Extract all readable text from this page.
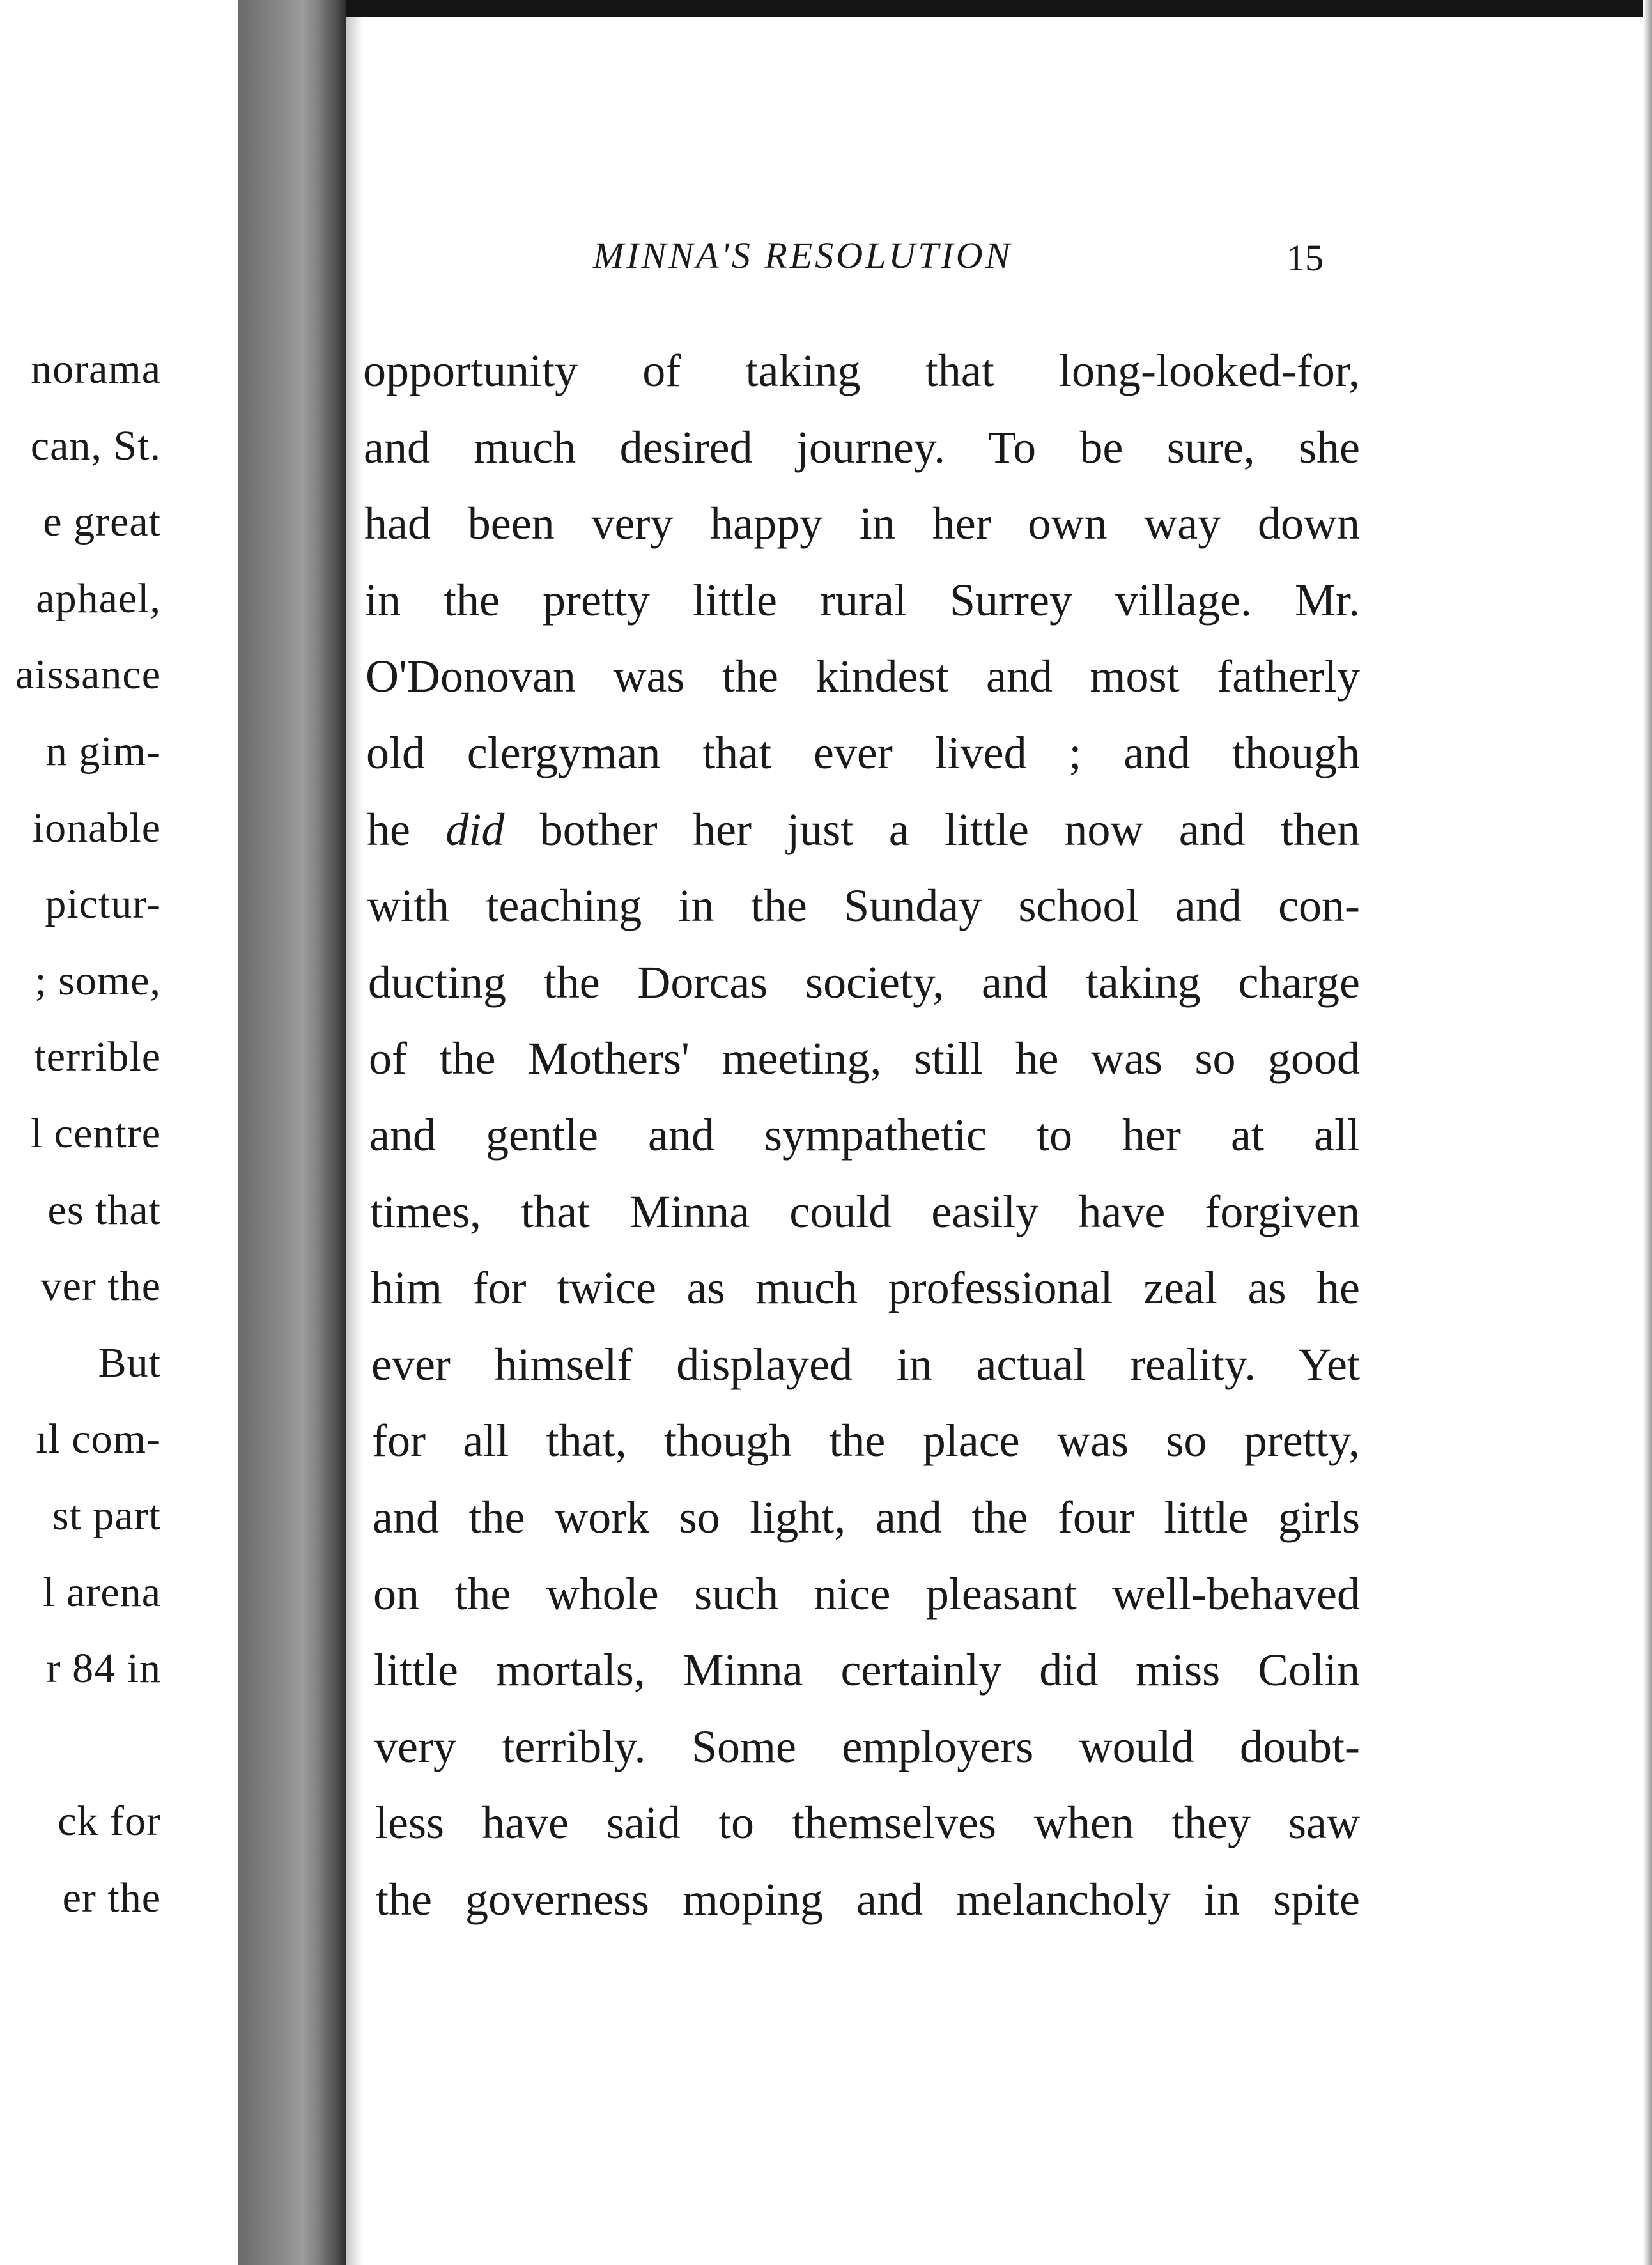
norama
can, St.
e great
aphael,
aissance
n gim-
ionable
pictur-
; some,
terrible
l centre
es that
ver the
But
ıl com-
st part
l arena
r 84 in
ck for
er the
MINNA'S RESOLUTION	15
opportunity of taking that long-looked-for,
and much desired journey. To be sure, she
had been very happy in her own way down
in the pretty little rural Surrey village. Mr.
O'Donovan was the kindest and most fatherly
old clergyman that ever lived ; and though
he did bother her just a little now and then
with teaching in the Sunday school and con-
ducting the Dorcas society, and taking charge
of the Mothers' meeting, still he was so good
and gentle and sympathetic to her at all
times, that Minna could easily have forgiven
him for twice as much professional zeal as he
ever himself displayed in actual reality. Yet
for all that, though the place was so pretty,
and the work so light, and the four little girls
on the whole such nice pleasant well-behaved
little mortals, Minna certainly did miss Colin
very terribly. Some employers would doubt-
less have said to themselves when they saw
the governess moping and melancholy in spite
